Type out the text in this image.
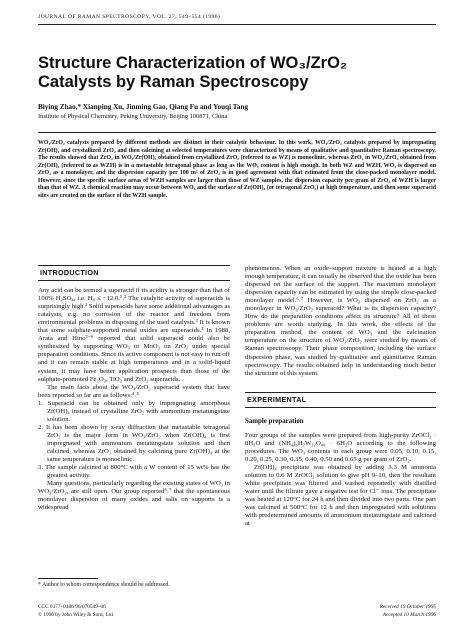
JOURNAL OF RAMAN SPECTROSCOPY, VOL. 27, 549–554 (1996)
Structure Characterization of WO₃/ZrO₂
Catalysts by Raman Spectroscopy
Biying Zhao,* Xianping Xu, Jinming Gao, Qiang Fu and Youqi Tang
Institute of Physical Chemistry, Peking University, Beijing 100871, China
WO₃/ZrO₂ catalysts prepared by different methods are distinct in their catalytic behaviour. In this work, WO₃/ZrO₂ catalysts prepared by impregnating Zr(OH)₄ and crystallized ZrO₂ and then calcining at selected temperatures were characterized by means of qualitative and quantitative Raman spectroscopy. The results showed that ZrO₂ in WO₃/Zr(OH)₄ obtained from crystallized ZrO₂ (referred to as WZ) is monoclinic, whereas ZrO₂ in WO₃/ZrO₂ obtained from Zr(OH)₄ (referred to as WZH) is in a metastable tetragonal phase as long as the WO₃ content is high enough. In both WZ and WZH, WO₃ is dispersed on ZrO₂ as a monolayer, and the dispersion capacity per 100 m² of ZrO₂ is in good agreement with that estimated from the close-packed monolayer model. However, since the specific surface areas of WZH samples are larger than those of WZ samples, the dispersion capacity per gram of ZrO₂ of WZH is larger than that of WZ. A chemical reaction may occur between WO₃ and the surface of Zr(OH)₄ (or tetragonal ZrO₂) at high temperature, and then some superacid sites are created on the surface of the WZH sample.
INTRODUCTION

Any acid can be termed a superacid if its acidity is stronger than that of 100% H₂SO₄, i.e. H₀ ≤ −12.0.¹˒² The catalytic activity of superacids is surprisingly high.² Solid superacids have some additional advantages as catalysts, e.g. no corrosion of the reactor and freedom from environmental problems in disposing of the used catalysts.³ It is known that some sulphate-supported metal oxides are superacids.³ In 1988, Arata and Hino³⁻⁶ reported that solid superacid could also be synthesized by supporting WO₃ or MoO₃ on ZrO₂ under special preparation conditions. Since its active component is not easy to run off and it can remain stable at high temperatures and in a solid-liquid system, it may have better application prospects than those of the sulphate-promoted Fe₂O₃, TiO₂ and ZrO₂ superacids.

The main facts about the WO₃/ZrO₂ superacid system that have been reported so far are as follows:⁴˒⁵

1. Superacid can be obtained only by impregnating amorphous Zr(OH)₄ instead of crystalline ZrO₂ with ammonium metatungstate solution.

2. It has been shown by x-ray diffraction that metastable tetragonal ZrO₂ is the major form in WO₃/ZrO₂ when Zr(OH)₄ is first impregnated with ammonium metatungstate solution and then calcined, whereas ZrO₂ obtained by calcining pure Zr(OH)₄ at the same temperature is monoclinic.

3. The sample calcined at 800°C with a W content of 15 wt% has the greatest activity.

Many questions, particularly regarding the existing states of WO₃ in WO₃/ZrO₂, are still open. Our group reported⁶˒⁷ that the spontaneous monolayer dispersion of many oxides and salts on supports is a widespread

phenomenon. When an oxide–support mixture is heated at a high enough temperature, it can usually be observed that the oxide has been dispersed on the surface of the support. The maximum monolayer dispersion capacity can be estimated by using the simple close-packed monolayer model.⁶˒⁷ However, is WO₃ dispersed on ZrO₂ as a monolayer in WO₃/ZrO₂ superacid? What is its dispersion capacity? How do the preparation conditions affect its structure? All of these problems are worth studying. In this work, the effects of the preparation method, the content of WO₃ and the calcination temperature on the structure of WO₃/ZrO₂ were studied by means of Raman spectroscopy. Their phase composition, including the surface dispersion phase, was studied by qualitative and quantitative Raman spectroscopy. The results obtained help in understanding much better the structure of this system.

EXPERIMENTAL
Sample preparation

Four groups of the samples were prepared from high-purity ZrOCl₂ · 8H₂O and (NH₄)₆H₂W₁₂O₄₀ · 6H₂O according to the following procedures. The WO₃ contents in each group were 0.05, 0.10, 0.15, 0.20, 0.25, 0.30, 0.35, 0.40, 0.50 and 0.65 g per gram of ZrO₂.

Zr(OH)₄ precipitate was obtained by adding 3.3 M ammonia solution to 0.6 M ZrOCl₂ solution to give pH 9–10, then the resultant white precipitate was filtered and washed repeatedly with distilled water until the filtrate gave a negative test for Cl⁻ ions. The precipitate was heated at 120°C for 24 h and then divided into two parts. One part was calcined at 500°C for 12 h and then impregnated with solutions with predetermined amounts of ammonium metatungstate and calcined at

* Author to whom correspondence should be addressed.
CCC 0377–0486/96/070549–06
© 1996 by John Wiley & Sons, Ltd.
Received 19 October 1995
Accepted 10 March 1996
